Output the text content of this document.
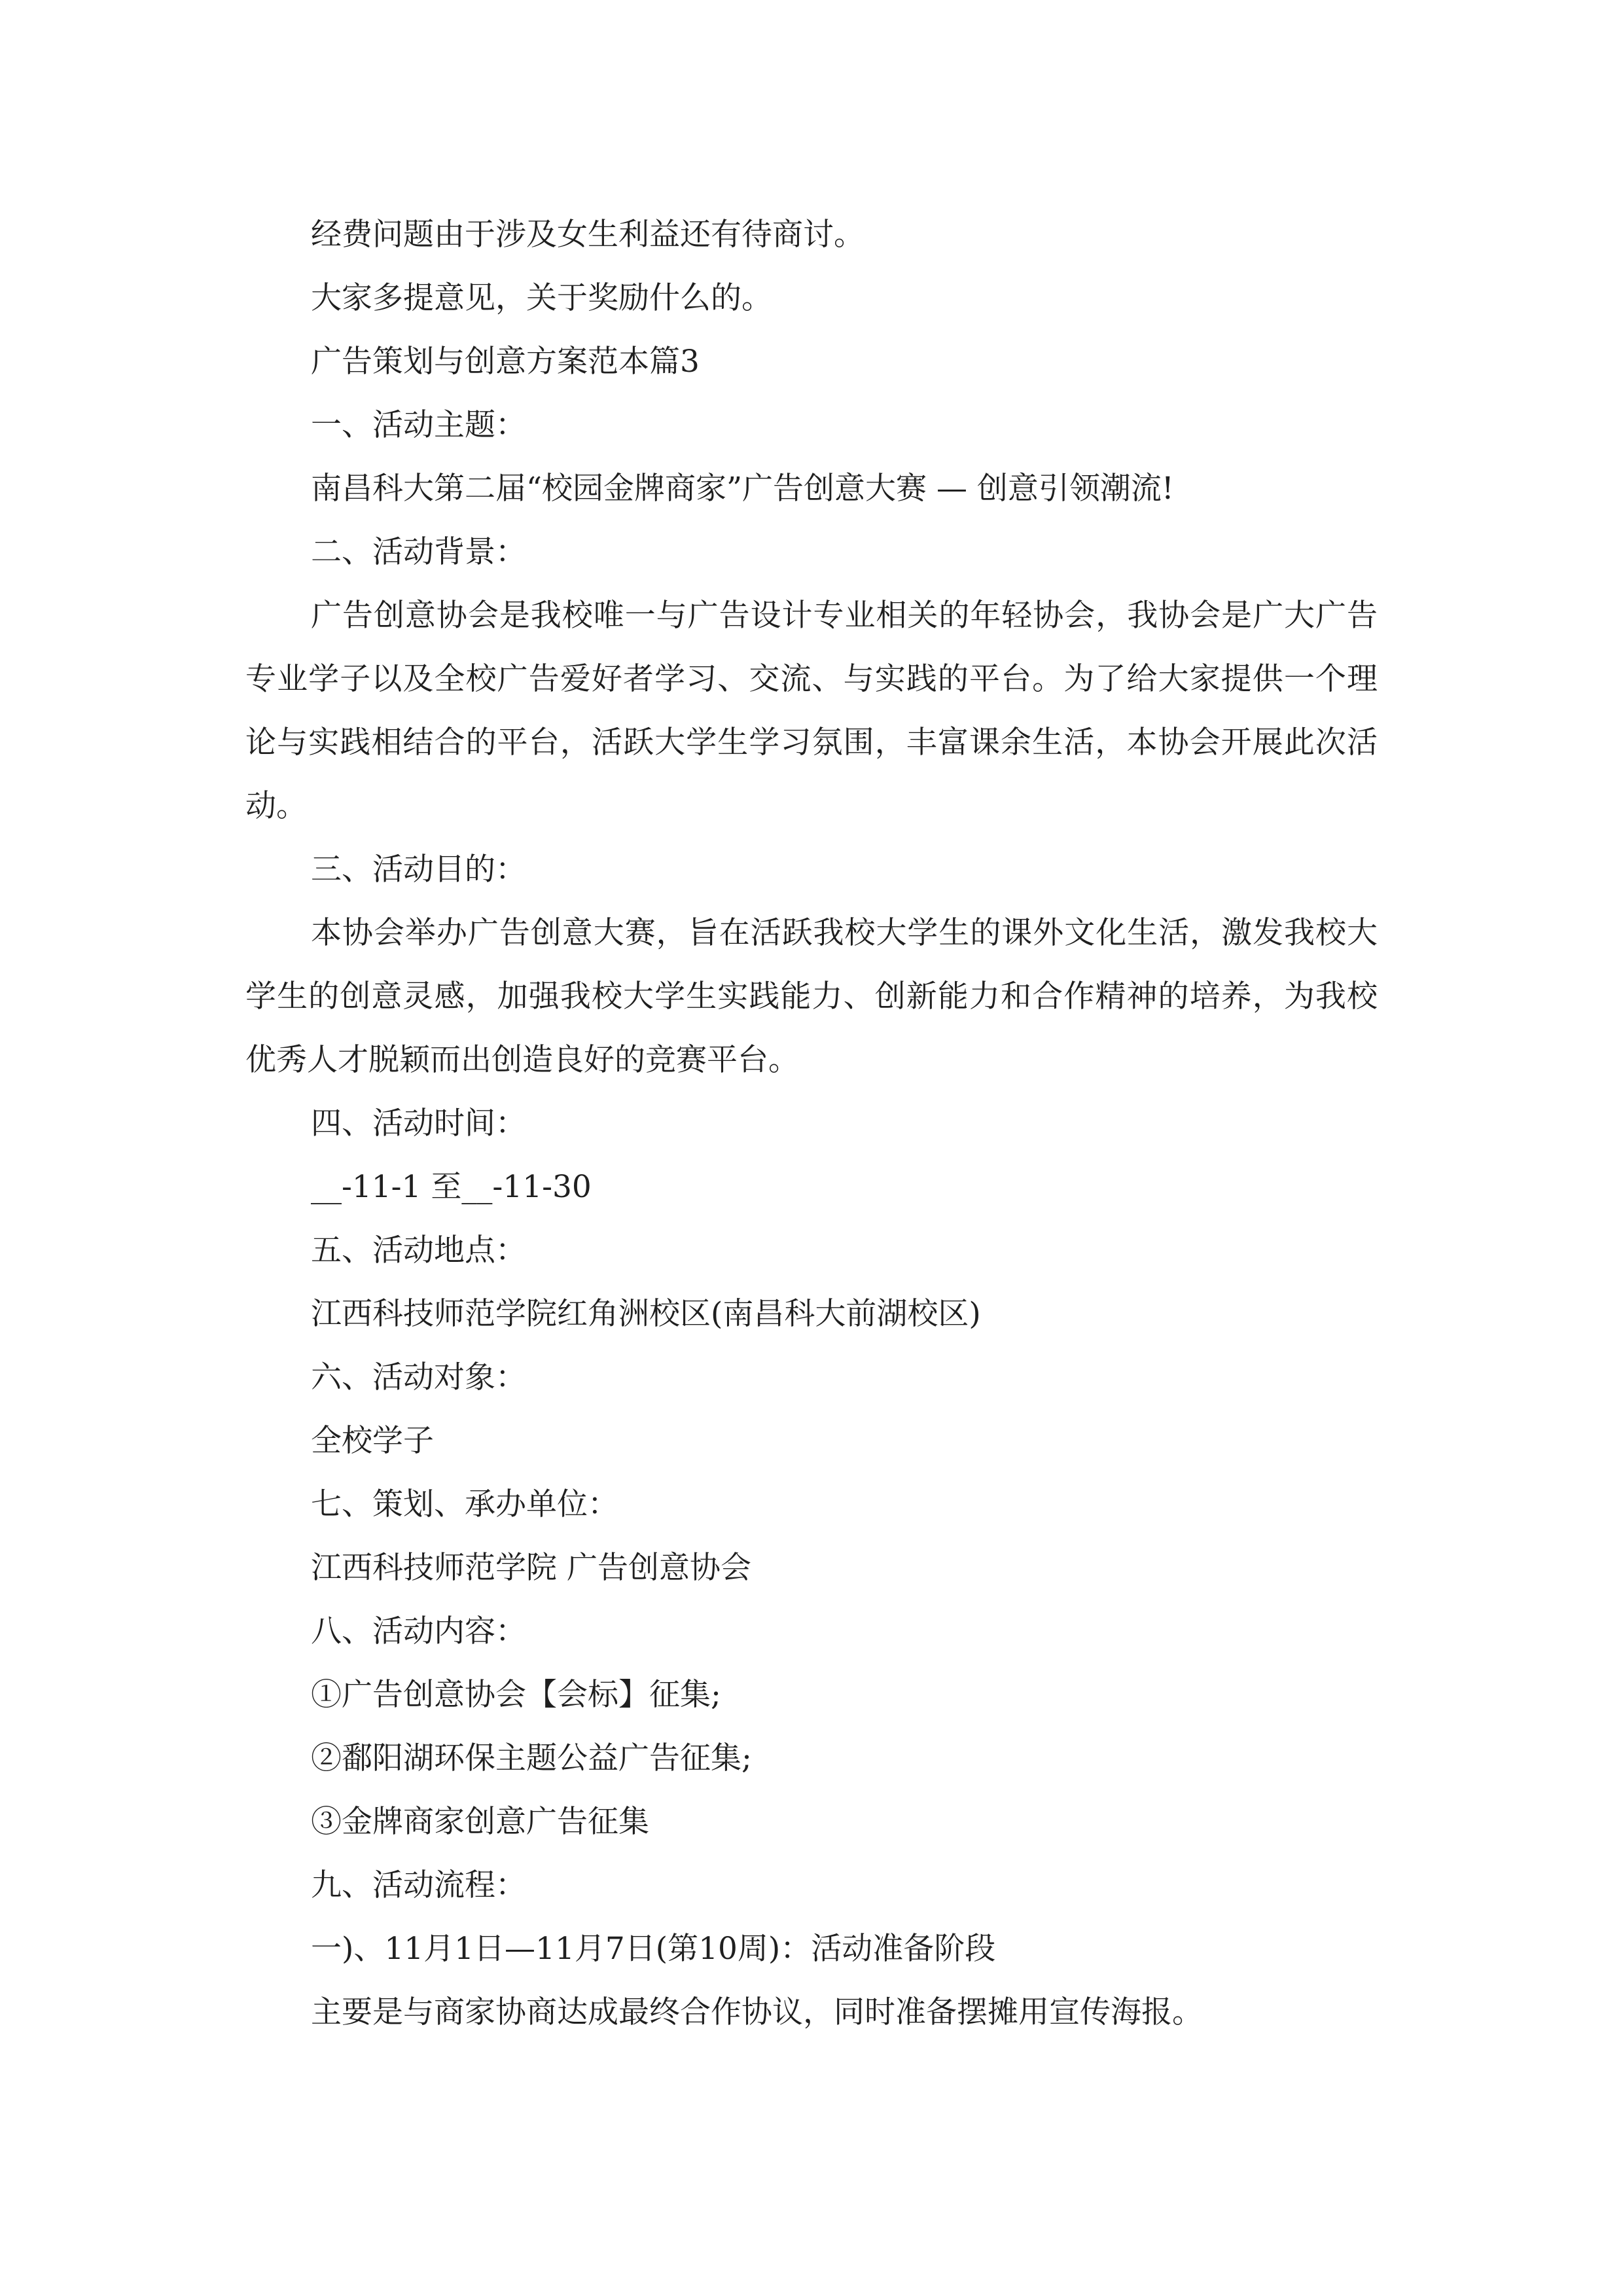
经费问题由于涉及女生利益还有待商讨。

大家多提意见，关于奖励什么的。

广告策划与创意方案范本篇3

一、活动主题：

南昌科大第二届“校园金牌商家”广告创意大赛 — 创意引领潮流!

二、活动背景：

广告创意协会是我校唯一与广告设计专业相关的年轻协会，我协会是广大广告专业学子以及全校广告爱好者学习、交流、与实践的平台。为了给大家提供一个理论与实践相结合的平台，活跃大学生学习氛围，丰富课余生活，本协会开展此次活动。

三、活动目的：

本协会举办广告创意大赛，旨在活跃我校大学生的课外文化生活，激发我校大学生的创意灵感，加强我校大学生实践能力、创新能力和合作精神的培养，为我校优秀人才脱颖而出创造良好的竞赛平台。

四、活动时间：

__-11-1 至__-11-30

五、活动地点：

江西科技师范学院红角洲校区(南昌科大前湖校区)

六、活动对象：

全校学子

七、策划、承办单位：

江西科技师范学院 广告创意协会

八、活动内容：

①广告创意协会【会标】征集;

②鄱阳湖环保主题公益广告征集;

③金牌商家创意广告征集

九、活动流程：

一)、11月1日—11月7日(第10周)：活动准备阶段

主要是与商家协商达成最终合作协议，同时准备摆摊用宣传海报。
